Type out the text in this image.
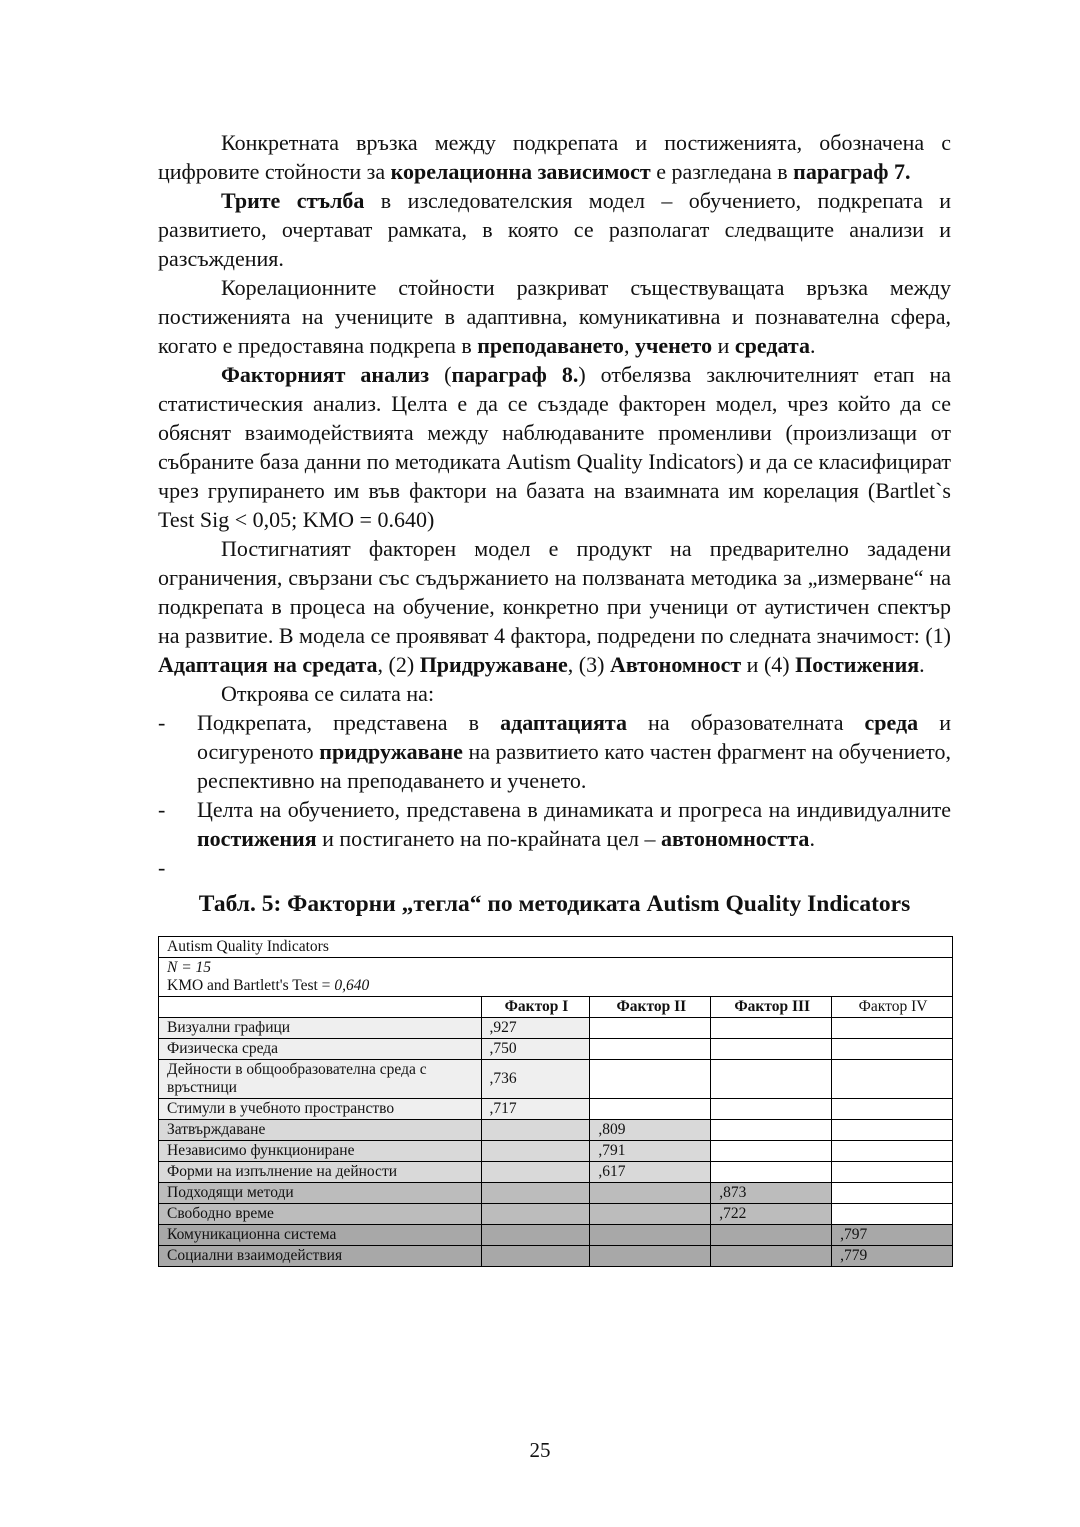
Конкретната връзка между подкрепата и постиженията, обозначена с цифровите стойности за корелационна зависимост е разгледана в параграф 7.

Трите стълба в изследователския модел – обучението, подкрепата и развитието, очертават рамката, в която се разполагат следващите анализи и разсъждения.

Корелационните стойности разкриват съществуващата връзка между постиженията на учениците в адаптивна, комуникативна и познавателна сфера, когато е предоставяна подкрепа в преподаването, ученето и средата.

Факторният анализ (параграф 8.) отбелязва заключителният етап на статистическия анализ. Целта е да се създаде факторен модел, чрез който да се обяснят взаимодействията между наблюдаваните променливи (произлизащи от събраните база данни по методиката Autism Quality Indicators) и да се класифицират чрез групирането им във фактори на базата на взаимната им корелация (Bartlet`s Test Sig < 0,05; KMO = 0.640)

Постигнатият факторен модел е продукт на предварително зададени ограничения, свързани със съдържанието на ползваната методика за „измерване“ на подкрепата в процеса на обучение, конкретно при ученици от аутистичен спектър на развитие. В модела се проявяват 4 фактора, подредени по следната значимост: (1) Адаптация на средата, (2) Придружаване, (3) Автономност и (4) Постижения.

Откроява се силата на:

- Подкрепата, представена в адаптацията на образователната среда и осигуреното придружаване на развитието като частен фрагмент на обучението, респективно на преподаването и ученето.
- Целта на обучението, представена в динамиката и прогреса на индивидуалните постижения и постигането на по-крайната цел – автономността.
-
Табл. 5: Факторни „тегла“ по методиката Autism Quality Indicators
Autism Quality Indicators				

N = 15
KMO and Bartlett's Test = 0,640				

	Фактор I	Фактор II	Фактор III	Фактор IV
Визуални графици	,927			
Физическа среда	,750			
Дейности в общообразователна среда с връстници	,736			
Стимули в учебното пространство	,717			
Затвърждаване		,809		
Независимо функциониране		,791		
Форми на изпълнение на дейности		,617		
Подходящи методи			,873	
Свободно време			,722	
Комуникационна система				,797
Социални взаимодействия				,779
25
